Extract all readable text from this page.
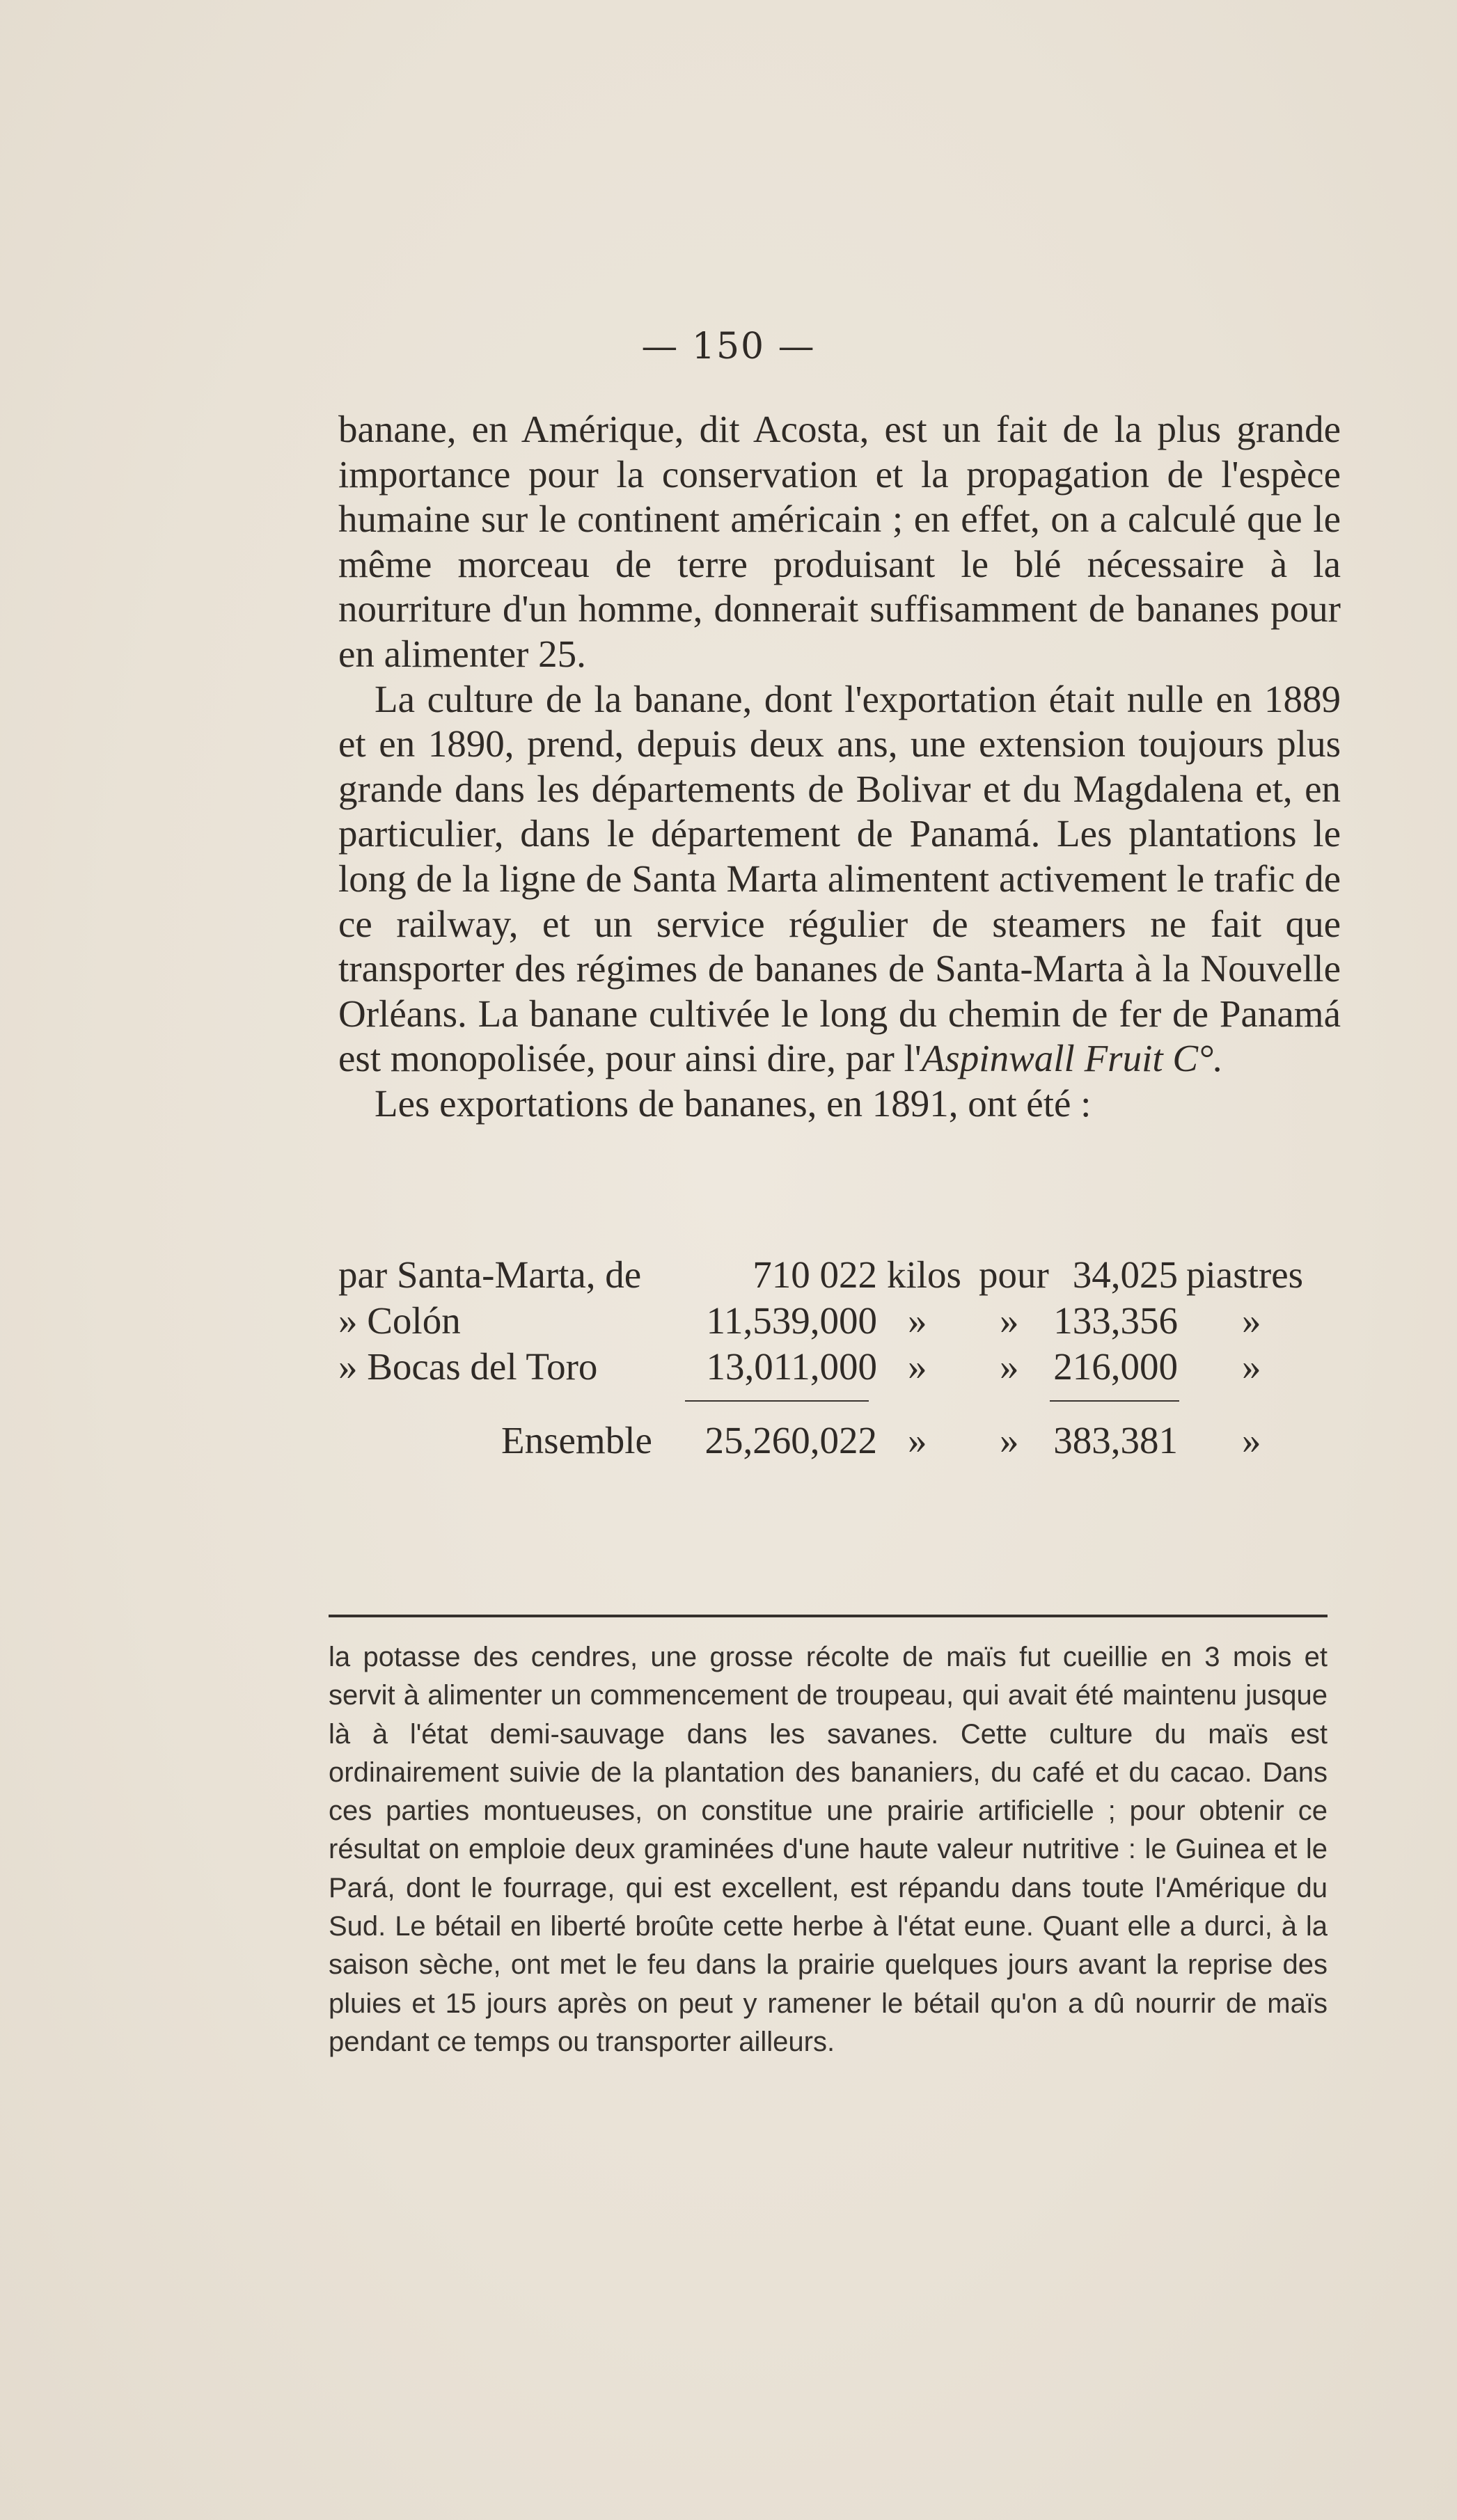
— 150 —

banane, en Amérique, dit Acosta, est un fait de la plus grande importance pour la conservation et la propagation de l'espèce humaine sur le continent américain ; en effet, on a calculé que le même morceau de terre produisant le blé nécessaire à la nourriture d'un homme, donnerait suffisamment de bananes pour en alimenter 25.

La culture de la banane, dont l'exportation était nulle en 1889 et en 1890, prend, depuis deux ans, une extension toujours plus grande dans les départements de Bolivar et du Magdalena et, en particulier, dans le département de Panamá. Les plantations le long de la ligne de Santa Marta alimentent activement le trafic de ce railway, et un service régulier de steamers ne fait que transporter des régimes de bananes de Santa-Marta à la Nouvelle Orléans. La banane cultivée le long du chemin de fer de Panamá est monopolisée, pour ainsi dire, par l'Aspinwall Fruit C°.

Les exportations de bananes, en 1891, ont été :

par Santa-Marta, de	710 022 kilos pour 34,025 piastres
» Colón	11,539,000 » » 133,356 »
» Bocas del Toro	13,011,000 » » 216,000 »
Ensemble	25,260,022 » » 383,381 »

la potasse des cendres, une grosse récolte de maïs fut cueillie en 3 mois et servit à alimenter un commencement de troupeau, qui avait été maintenu jusque là à l'état demi-sauvage dans les savanes. Cette culture du maïs est ordinairement suivie de la plantation des bananiers, du café et du cacao. Dans ces parties montueuses, on constitue une prairie artificielle ; pour obtenir ce résultat on emploie deux graminées d'une haute valeur nutritive : le Guinea et le Pará, dont le fourrage, qui est excellent, est répandu dans toute l'Amérique du Sud. Le bétail en liberté broûte cette herbe à l'état eune. Quant elle a durci, à la saison sèche, ont met le feu dans la prairie quelques jours avant la reprise des pluies et 15 jours après on peut y ramener le bétail qu'on a dû nourrir de maïs pendant ce temps ou transporter ailleurs.
